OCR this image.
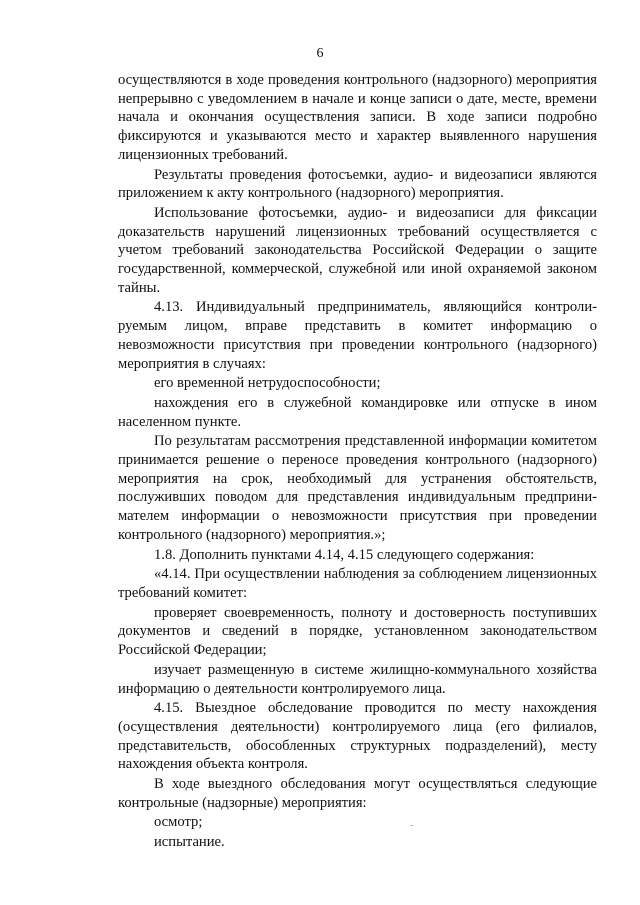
6

осуществляются в ходе проведения контрольного (надзорного) мероприятия непрерывно с уведомлением в начале и конце записи о дате, месте, времени начала и окончания осуществления записи. В ходе записи подробно фиксируются и указываются место и характер выявленного нарушения лицензионных требований.

Результаты проведения фотосъемки, аудио- и видеозаписи являются приложением к акту контрольного (надзорного) мероприятия.

Использование фотосъемки, аудио- и видеозаписи для фиксации доказательств нарушений лицензионных требований осуществляется с учетом требований законодательства Российской Федерации о защите государственной, коммерческой, служебной или иной охраняемой законом тайны.

4.13. Индивидуальный предприниматель, являющийся контроли-руемым лицом, вправе представить в комитет информацию о невозможности присутствия при проведении контрольного (надзорного) мероприятия в случаях:

его временной нетрудоспособности;

нахождения его в служебной командировке или отпуске в ином населенном пункте.

По результатам рассмотрения представленной информации комитетом принимается решение о переносе проведения контрольного (надзорного) мероприятия на срок, необходимый для устранения обстоятельств, послуживших поводом для представления индивидуальным предприни-мателем информации о невозможности присутствия при проведении контрольного (надзорного) мероприятия.»;

1.8. Дополнить пунктами 4.14, 4.15 следующего содержания:

«4.14. При осуществлении наблюдения за соблюдением лицензионных требований комитет:

проверяет своевременность, полноту и достоверность поступивших документов и сведений в порядке, установленном законодательством Российской Федерации;

изучает размещенную в системе жилищно-коммунального хозяйства информацию о деятельности контролируемого лица.

4.15. Выездное обследование проводится по месту нахождения (осуществления деятельности) контролируемого лица (его филиалов, представительств, обособленных структурных подразделений), месту нахождения объекта контроля.

В ходе выездного обследования могут осуществляться следующие контрольные (надзорные) мероприятия:

осмотр;

испытание.
